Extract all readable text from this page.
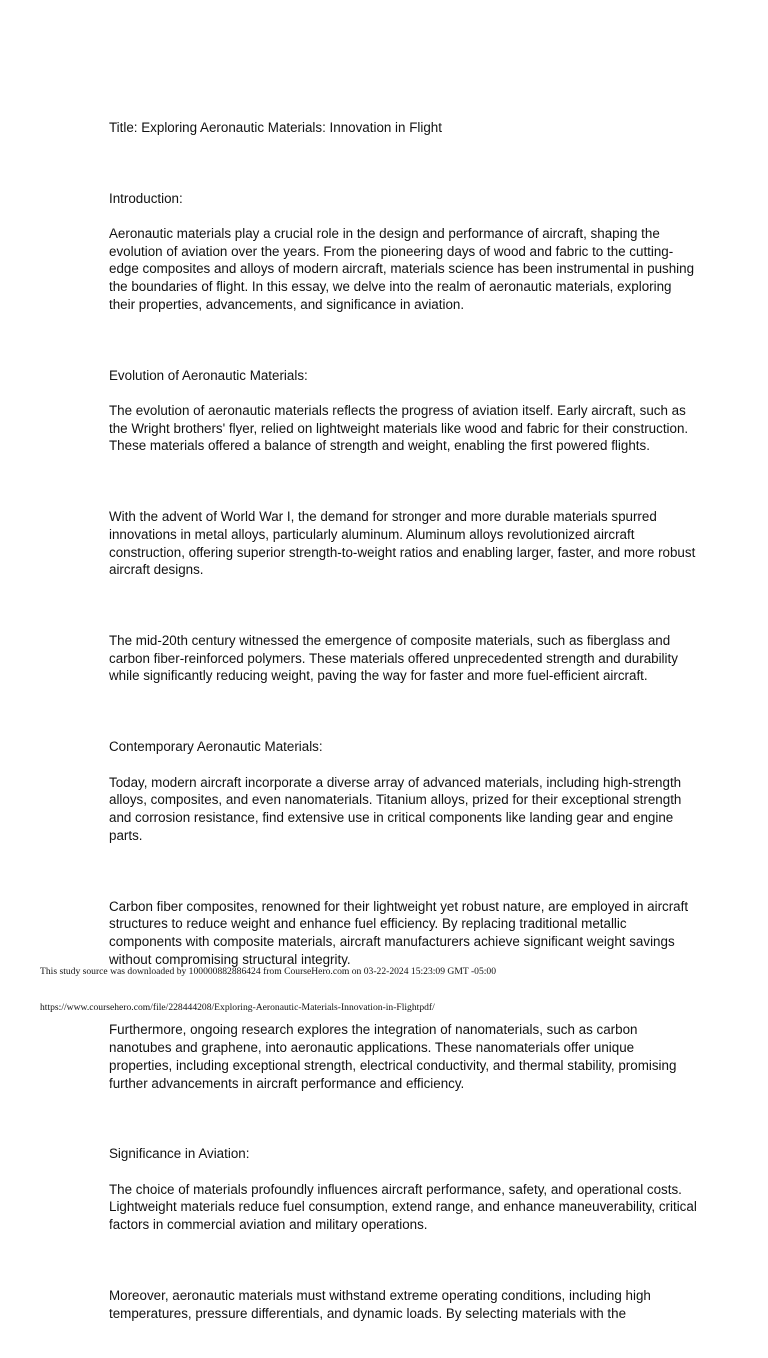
Title: Exploring Aeronautic Materials: Innovation in Flight

Introduction:

Aeronautic materials play a crucial role in the design and performance of aircraft, shaping the evolution of aviation over the years. From the pioneering days of wood and fabric to the cutting-edge composites and alloys of modern aircraft, materials science has been instrumental in pushing the boundaries of flight. In this essay, we delve into the realm of aeronautic materials, exploring their properties, advancements, and significance in aviation.

Evolution of Aeronautic Materials:

The evolution of aeronautic materials reflects the progress of aviation itself. Early aircraft, such as the Wright brothers' flyer, relied on lightweight materials like wood and fabric for their construction. These materials offered a balance of strength and weight, enabling the first powered flights.

With the advent of World War I, the demand for stronger and more durable materials spurred innovations in metal alloys, particularly aluminum. Aluminum alloys revolutionized aircraft construction, offering superior strength-to-weight ratios and enabling larger, faster, and more robust aircraft designs.

The mid-20th century witnessed the emergence of composite materials, such as fiberglass and carbon fiber-reinforced polymers. These materials offered unprecedented strength and durability while significantly reducing weight, paving the way for faster and more fuel-efficient aircraft.

Contemporary Aeronautic Materials:

Today, modern aircraft incorporate a diverse array of advanced materials, including high-strength alloys, composites, and even nanomaterials. Titanium alloys, prized for their exceptional strength and corrosion resistance, find extensive use in critical components like landing gear and engine parts.

Carbon fiber composites, renowned for their lightweight yet robust nature, are employed in aircraft structures to reduce weight and enhance fuel efficiency. By replacing traditional metallic components with composite materials, aircraft manufacturers achieve significant weight savings without compromising structural integrity.

Furthermore, ongoing research explores the integration of nanomaterials, such as carbon nanotubes and graphene, into aeronautic applications. These nanomaterials offer unique properties, including exceptional strength, electrical conductivity, and thermal stability, promising further advancements in aircraft performance and efficiency.

Significance in Aviation:

The choice of materials profoundly influences aircraft performance, safety, and operational costs. Lightweight materials reduce fuel consumption, extend range, and enhance maneuverability, critical factors in commercial aviation and military operations.

Moreover, aeronautic materials must withstand extreme operating conditions, including high temperatures, pressure differentials, and dynamic loads. By selecting materials with the

This study source was downloaded by 100000882886424 from CourseHero.com on 03-22-2024 15:23:09 GMT -05:00
https://www.coursehero.com/file/228444208/Exploring-Aeronautic-Materials-Innovation-in-Flightpdf/
